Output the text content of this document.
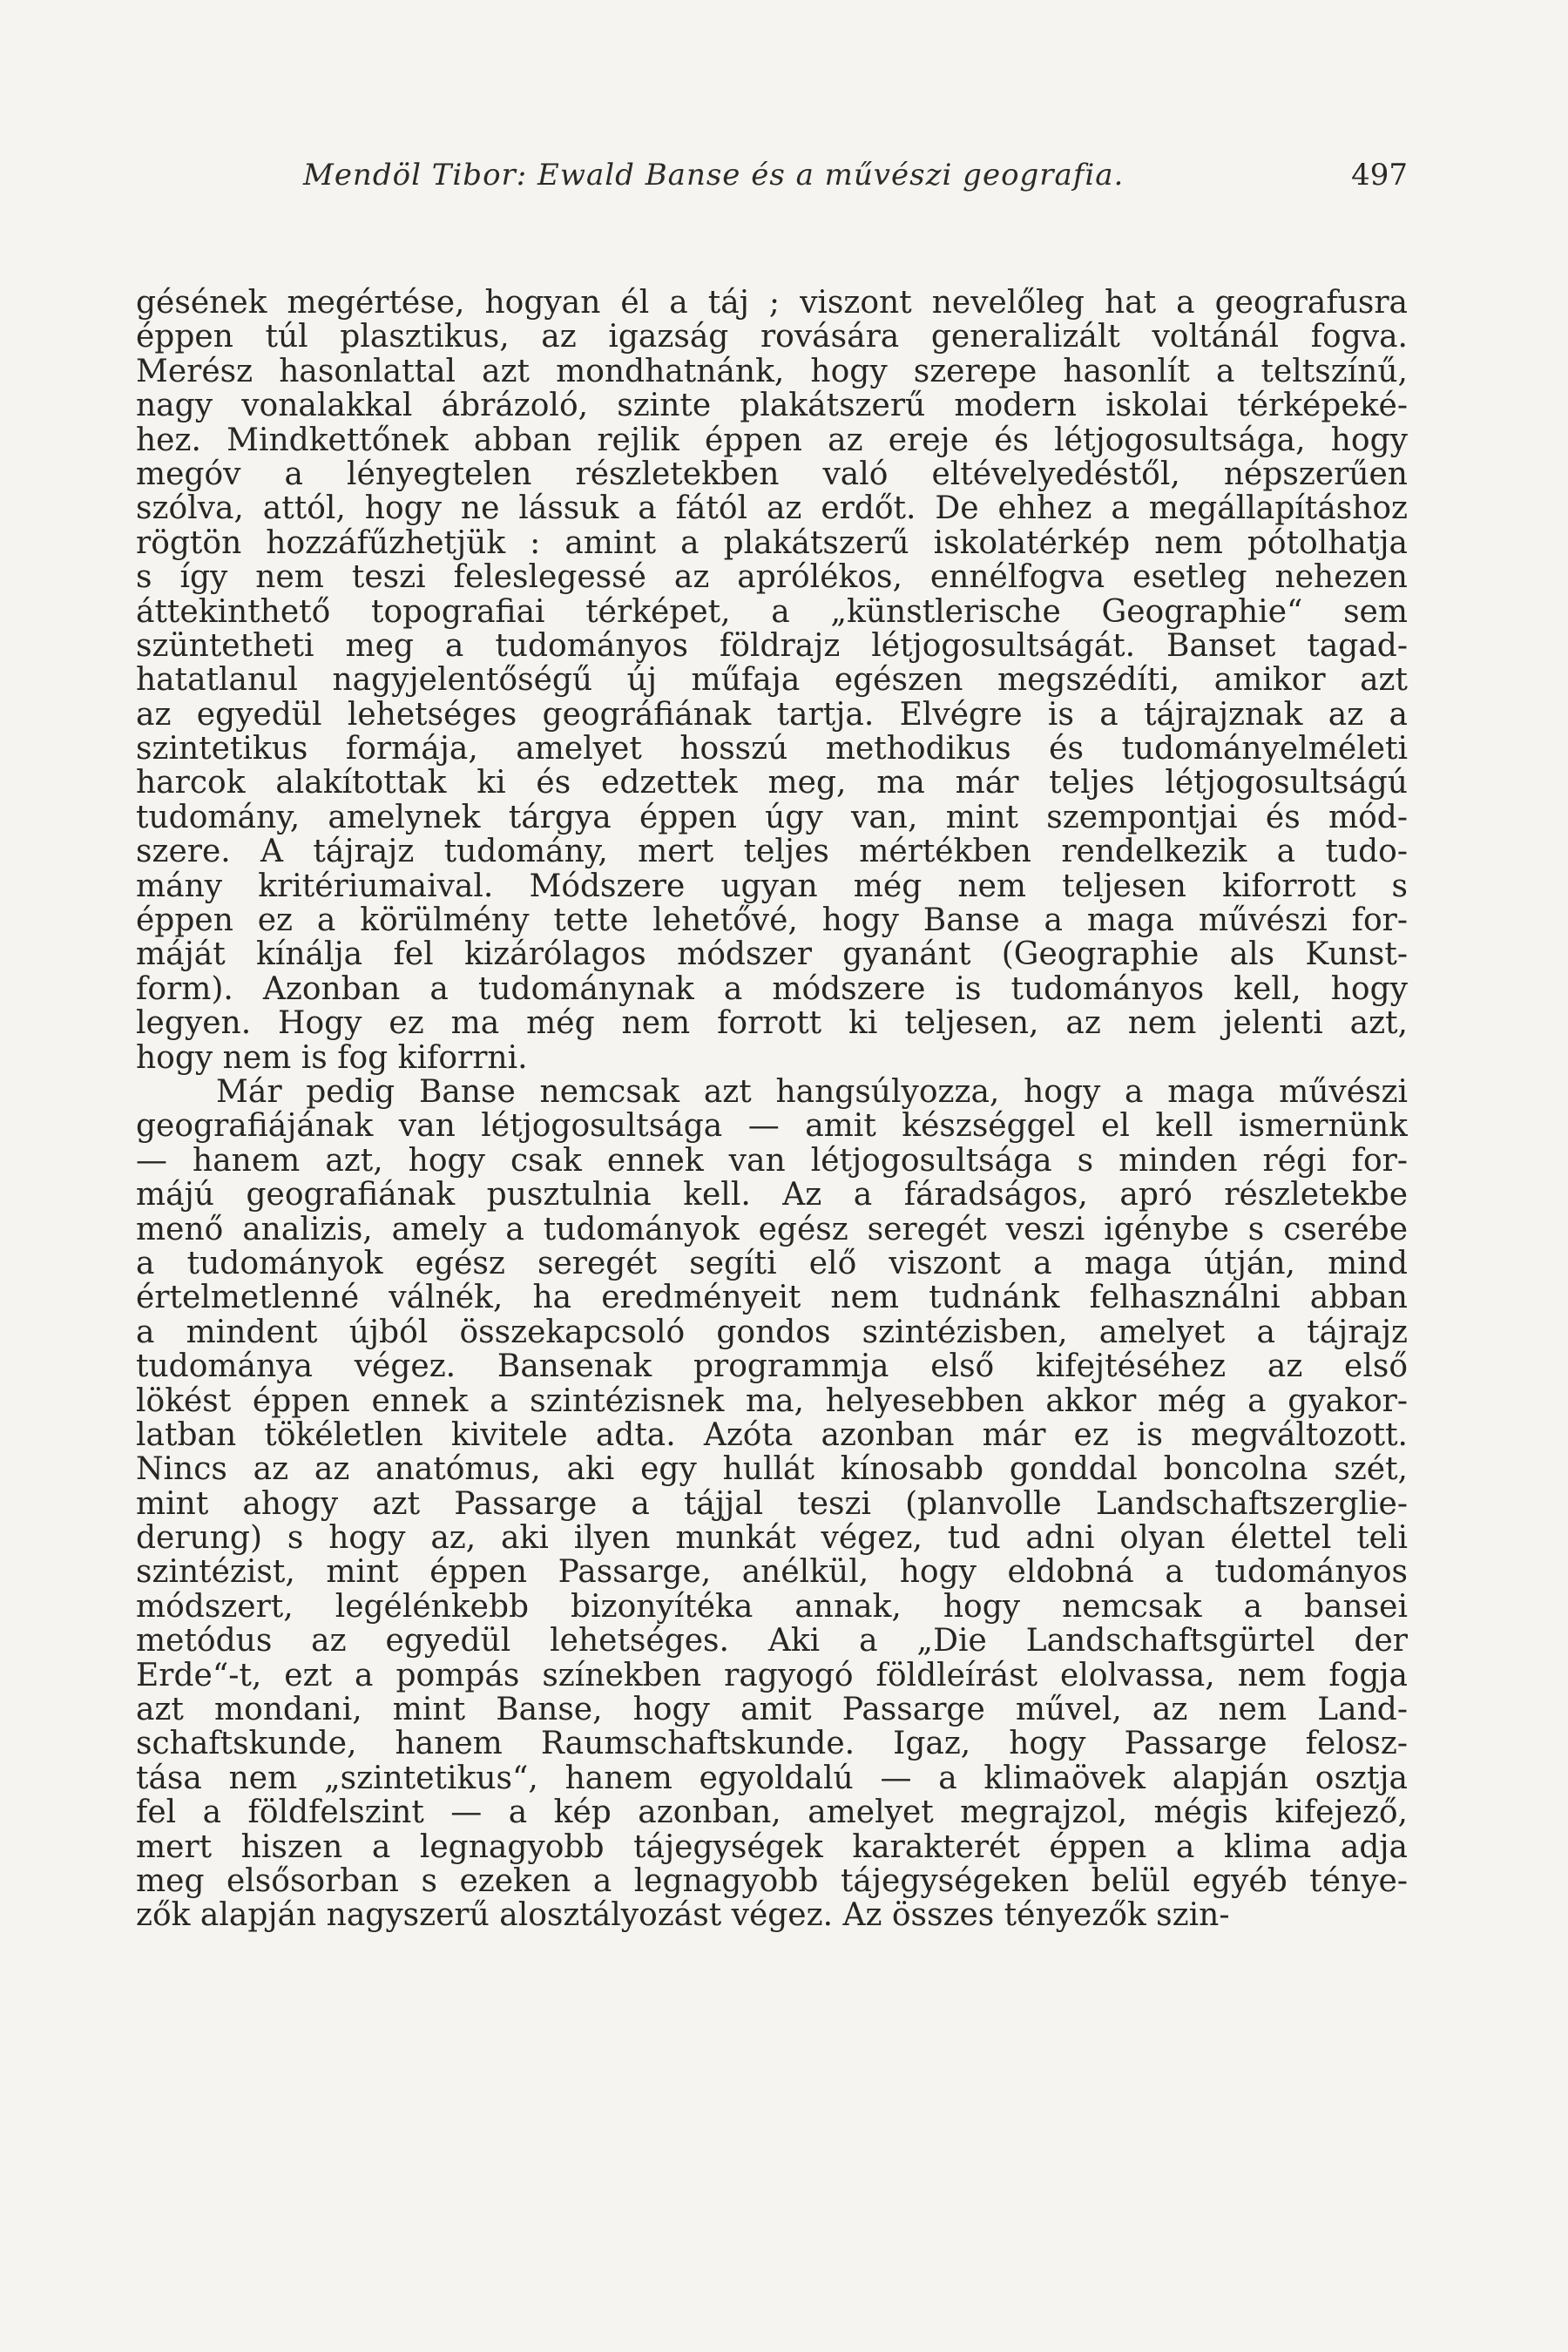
Mendöl Tibor: Ewald Banse és a művészi geografia.	497
gésének megértése, hogyan él a táj ; viszont nevelőleg hat a geografusra
éppen túl plasztikus, az igazság rovására generalizált voltánál fogva.
Merész hasonlattal azt mondhatnánk, hogy szerepe hasonlít a teltszínű,
nagy vonalakkal ábrázoló, szinte plakátszerű modern iskolai térképeké-
hez. Mindkettőnek abban rejlik éppen az ereje és létjogosultsága, hogy
megóv a lényegtelen részletekben való eltévelyedéstől, népszerűen
szólva, attól, hogy ne lássuk a fától az erdőt. De ehhez a megállapításhoz
rögtön hozzáfűzhetjük : amint a plakátszerű iskolatérkép nem pótolhatja
s így nem teszi feleslegessé az aprólékos, ennélfogva esetleg nehezen
áttekinthető topografiai térképet, a „künstlerische Geographie“ sem
szüntetheti meg a tudományos földrajz létjogosultságát. Banset tagad-
hatatlanul nagyjelentőségű új műfaja egészen megszédíti, amikor azt
az egyedül lehetséges geográfiának tartja. Elvégre is a tájrajznak az a
szintetikus formája, amelyet hosszú methodikus és tudományelméleti
harcok alakítottak ki és edzettek meg, ma már teljes létjogosultságú
tudomány, amelynek tárgya éppen úgy van, mint szempontjai és mód-
szere. A tájrajz tudomány, mert teljes mértékben rendelkezik a tudo-
mány kritériumaival. Módszere ugyan még nem teljesen kiforrott s
éppen ez a körülmény tette lehetővé, hogy Banse a maga művészi for-
máját kínálja fel kizárólagos módszer gyanánt (Geographie als Kunst-
form). Azonban a tudománynak a módszere is tudományos kell, hogy
legyen. Hogy ez ma még nem forrott ki teljesen, az nem jelenti azt,
hogy nem is fog kiforrni.
Már pedig Banse nemcsak azt hangsúlyozza, hogy a maga művészi
geografiájának van létjogosultsága — amit készséggel el kell ismernünk
— hanem azt, hogy csak ennek van létjogosultsága s minden régi for-
májú geografiának pusztulnia kell. Az a fáradságos, apró részletekbe
menő analizis, amely a tudományok egész seregét veszi igénybe s cserébe
a tudományok egész seregét segíti elő viszont a maga útján, mind
értelmetlenné válnék, ha eredményeit nem tudnánk felhasználni abban
a mindent újból összekapcsoló gondos szintézisben, amelyet a tájrajz
tudománya végez. Bansenak programmja első kifejtéséhez az első
lökést éppen ennek a szintézisnek ma, helyesebben akkor még a gyakor-
latban tökéletlen kivitele adta. Azóta azonban már ez is megváltozott.
Nincs az az anatómus, aki egy hullát kínosabb gonddal boncolna szét,
mint ahogy azt Passarge a tájjal teszi (planvolle Landschaftszerglie-
derung) s hogy az, aki ilyen munkát végez, tud adni olyan élettel teli
szintézist, mint éppen Passarge, anélkül, hogy eldobná a tudományos
módszert, legélénkebb bizonyítéka annak, hogy nemcsak a bansei
metódus az egyedül lehetséges. Aki a „Die Landschaftsgürtel der
Erde“-t, ezt a pompás színekben ragyogó földleírást elolvassa, nem fogja
azt mondani, mint Banse, hogy amit Passarge művel, az nem Land-
schaftskunde, hanem Raumschaftskunde. Igaz, hogy Passarge felosz-
tása nem „szintetikus“, hanem egyoldalú — a klimaövek alapján osztja
fel a földfelszint — a kép azonban, amelyet megrajzol, mégis kifejező,
mert hiszen a legnagyobb tájegységek karakterét éppen a klima adja
meg elsősorban s ezeken a legnagyobb tájegységeken belül egyéb ténye-
zők alapján nagyszerű alosztályozást végez. Az összes tényezők szin-
